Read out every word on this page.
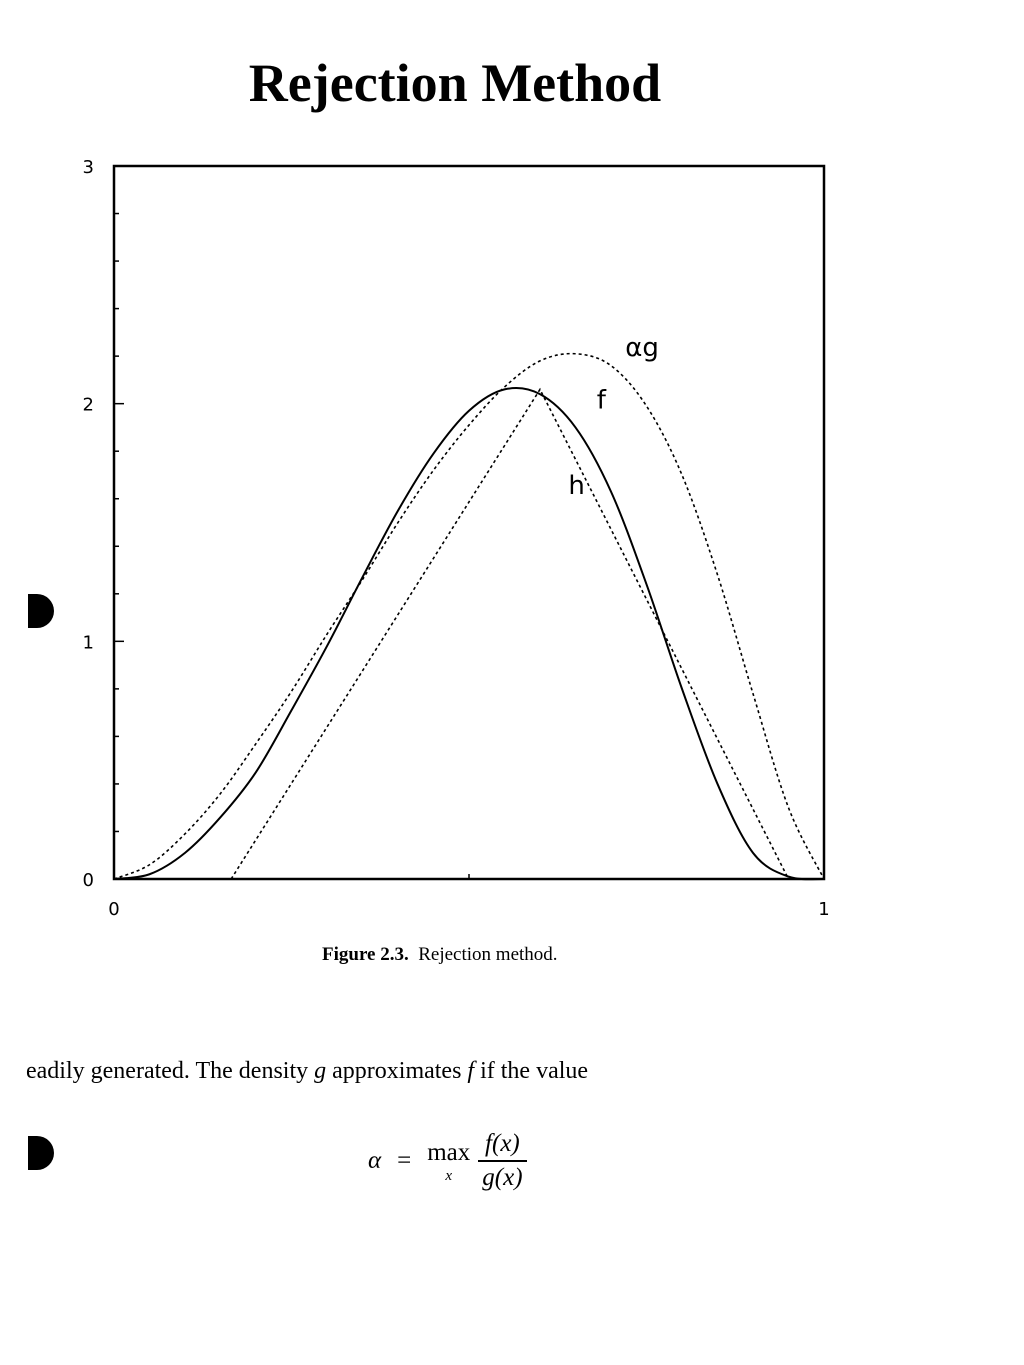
Rejection Method
0
1
2
3
0	1
αg
f
h
Figure 2.3. Rejection method.
eadily generated. The density g approximates f if the value
α = max
x $\frac{f(x)}{g(x)}$
